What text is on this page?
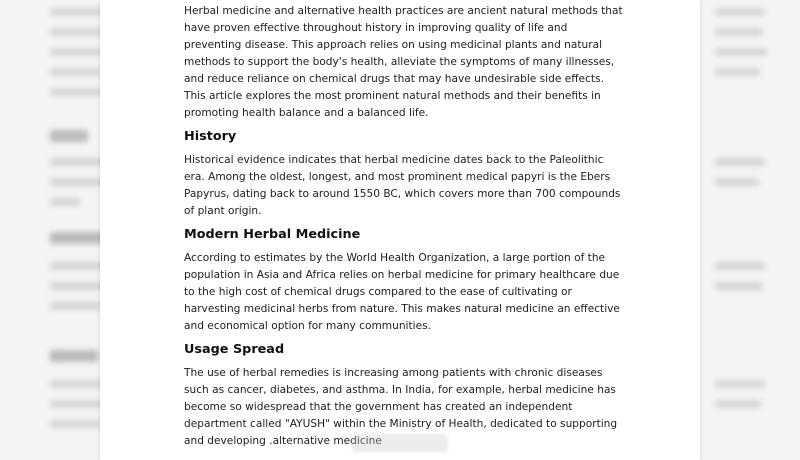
Herbal medicine and alternative health practices are ancient natural methods that have proven effective throughout history in improving quality of life and preventing disease. This approach relies on using medicinal plants and natural methods to support the body's health, alleviate the symptoms of many illnesses, and reduce reliance on chemical drugs that may have undesirable side effects. This article explores the most prominent natural methods and their benefits in promoting health balance and a balanced life.

History

Historical evidence indicates that herbal medicine dates back to the Paleolithic era. Among the oldest, longest, and most prominent medical papyri is the Ebers Papyrus, dating back to around 1550 BC, which covers more than 700 compounds of plant origin.

Modern Herbal Medicine

According to estimates by the World Health Organization, a large portion of the population in Asia and Africa relies on herbal medicine for primary healthcare due to the high cost of chemical drugs compared to the ease of cultivating or harvesting medicinal herbs from nature. This makes natural medicine an effective and economical option for many communities.

Usage Spread

The use of herbal remedies is increasing among patients with chronic diseases such as cancer, diabetes, and asthma. In India, for example, herbal medicine has become so widespread that the government has created an independent department called "AYUSH" within the Ministry of Health, dedicated to supporting and developing .alternative medicine
